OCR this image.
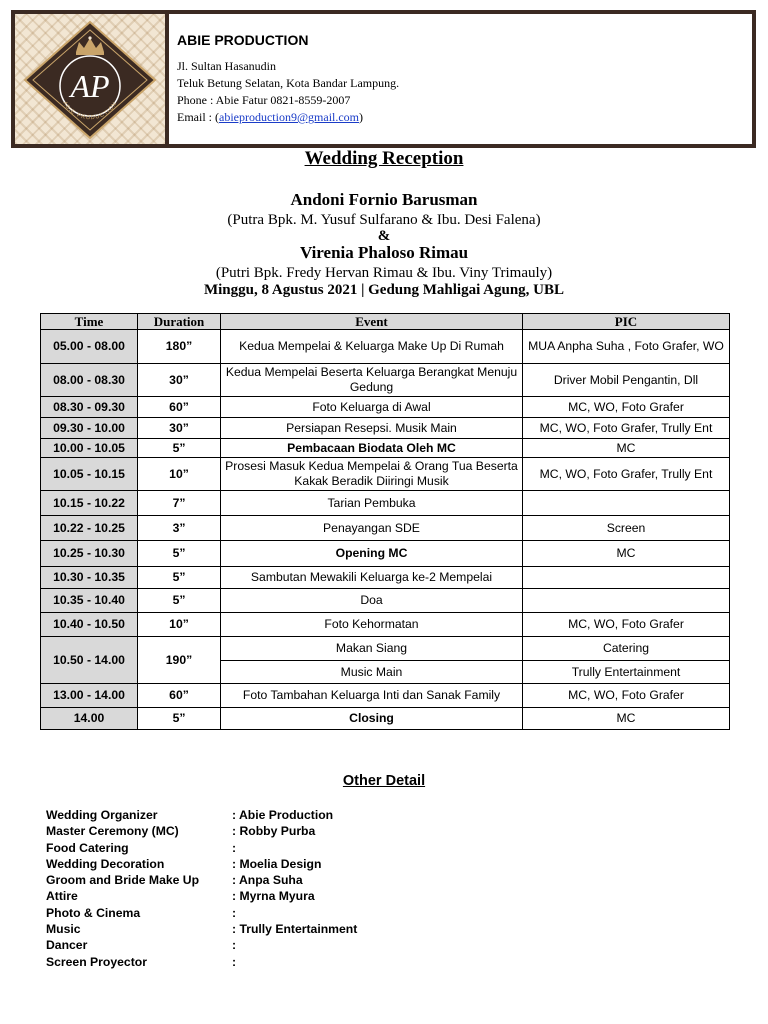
AP
ABIE PRODUCTION
ABIE PRODUCTION
Jl. Sultan Hasanudin
Teluk Betung Selatan, Kota Bandar Lampung.
Phone : Abie Fatur 0821-8559-2007
Email : (abieproduction9@gmail.com)
Wedding Reception
Andoni Fornio Barusman
(Putra Bpk. M. Yusuf Sulfarano & Ibu. Desi Falena)
&
Virenia Phaloso Rimau
(Putri Bpk. Fredy Hervan Rimau & Ibu. Viny Trimauly)
Minggu, 8 Agustus 2021 | Gedung Mahligai Agung, UBL
Time	Duration	Event	PIC
05.00 - 08.00	180”	Kedua Mempelai & Keluarga Make Up Di Rumah	MUA Anpha Suha , Foto Grafer, WO
08.00 - 08.30	30”	Kedua Mempelai Beserta Keluarga Berangkat Menuju Gedung	Driver Mobil Pengantin, Dll
08.30 - 09.30	60”	Foto Keluarga di Awal	MC, WO, Foto Grafer
09.30 - 10.00	30”	Persiapan Resepsi. Musik Main	MC, WO, Foto Grafer, Trully Ent
10.00 - 10.05	5”	Pembacaan Biodata Oleh MC	MC
10.05 - 10.15	10”	Prosesi Masuk Kedua Mempelai & Orang Tua Beserta Kakak Beradik Diiringi Musik	MC, WO, Foto Grafer, Trully Ent
10.15 - 10.22	7”	Tarian Pembuka	
10.22 - 10.25	3”	Penayangan SDE	Screen
10.25 - 10.30	5”	Opening MC	MC
10.30 - 10.35	5”	Sambutan Mewakili Keluarga ke-2 Mempelai	
10.35 - 10.40	5”	Doa	
10.40 - 10.50	10”	Foto Kehormatan	MC, WO, Foto Grafer
10.50 - 14.00	190”	Makan Siang	Catering
		Music Main	Trully Entertainment
13.00 - 14.00	60”	Foto Tambahan Keluarga Inti dan Sanak Family	MC, WO, Foto Grafer
14.00	5”	Closing	MC
Other Detail
Wedding Organizer	: Abie Production
Master Ceremony (MC)	: Robby Purba
Food Catering	:
Wedding Decoration	: Moelia Design
Groom and Bride Make Up	: Anpa Suha
Attire	: Myrna Myura
Photo & Cinema	:
Music	: Trully Entertainment
Dancer	:
Screen Proyector	:
